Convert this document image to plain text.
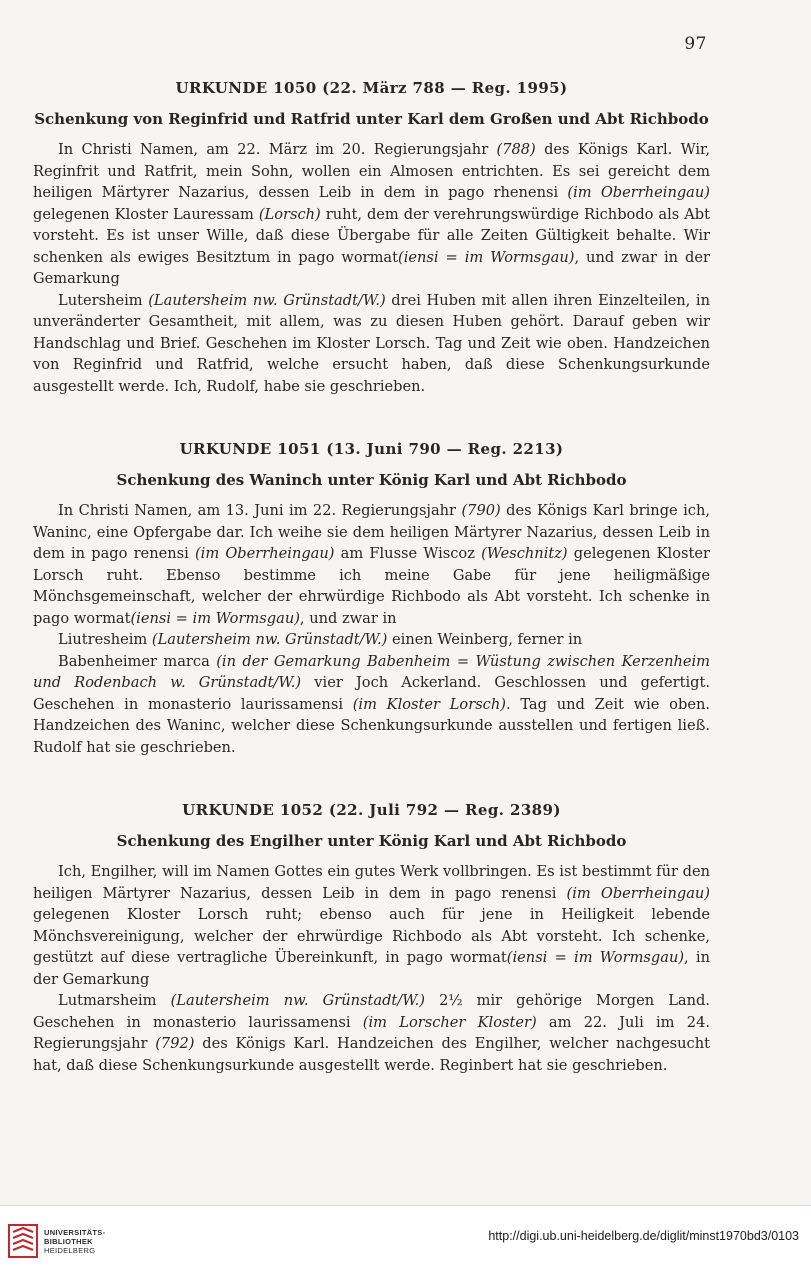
97
URKUNDE 1050 (22. März 788 — Reg. 1995)
Schenkung von Reginfrid und Ratfrid unter Karl dem Großen und Abt Richbodo

In Christi Namen, am 22. März im 20. Regierungsjahr (788) des Königs Karl. Wir, Reginfrit und Ratfrit, mein Sohn, wollen ein Almosen entrichten. Es sei gereicht dem heiligen Märtyrer Nazarius, dessen Leib in dem in pago rhenensi (im Oberrheingau) gelegenen Kloster Lauressam (Lorsch) ruht, dem der verehrungswürdige Richbodo als Abt vorsteht. Es ist unser Wille, daß diese Übergabe für alle Zeiten Gültigkeit behalte. Wir schenken als ewiges Besitztum in pago wormat(iensi = im Wormsgau), und zwar in der Gemarkung

Lutersheim (Lautersheim nw. Grünstadt/W.) drei Huben mit allen ihren Einzelteilen, in unveränderter Gesamtheit, mit allem, was zu diesen Huben gehört. Darauf geben wir Handschlag und Brief. Geschehen im Kloster Lorsch. Tag und Zeit wie oben. Handzeichen von Reginfrid und Ratfrid, welche ersucht haben, daß diese Schenkungsurkunde ausgestellt werde. Ich, Rudolf, habe sie geschrieben.

URKUNDE 1051 (13. Juni 790 — Reg. 2213)
Schenkung des Waninch unter König Karl und Abt Richbodo

In Christi Namen, am 13. Juni im 22. Regierungsjahr (790) des Königs Karl bringe ich, Waninc, eine Opfergabe dar. Ich weihe sie dem heiligen Märtyrer Nazarius, dessen Leib in dem in pago renensi (im Oberrheingau) am Flusse Wiscoz (Weschnitz) gelegenen Kloster Lorsch ruht. Ebenso bestimme ich meine Gabe für jene heiligmäßige Mönchsgemeinschaft, welcher der ehrwürdige Richbodo als Abt vorsteht. Ich schenke in pago wormat(iensi = im Wormsgau), und zwar in

Liutresheim (Lautersheim nw. Grünstadt/W.) einen Weinberg, ferner in

Babenheimer marca (in der Gemarkung Babenheim = Wüstung zwischen Kerzenheim und Rodenbach w. Grünstadt/W.) vier Joch Ackerland. Geschlossen und gefertigt. Geschehen in monasterio laurissamensi (im Kloster Lorsch). Tag und Zeit wie oben. Handzeichen des Waninc, welcher diese Schenkungsurkunde ausstellen und fertigen ließ. Rudolf hat sie geschrieben.

URKUNDE 1052 (22. Juli 792 — Reg. 2389)
Schenkung des Engilher unter König Karl und Abt Richbodo

Ich, Engilher, will im Namen Gottes ein gutes Werk vollbringen. Es ist bestimmt für den heiligen Märtyrer Nazarius, dessen Leib in dem in pago renensi (im Oberrheingau) gelegenen Kloster Lorsch ruht; ebenso auch für jene in Heiligkeit lebende Mönchsvereinigung, welcher der ehrwürdige Richbodo als Abt vorsteht. Ich schenke, gestützt auf diese vertragliche Übereinkunft, in pago wormat(iensi = im Wormsgau), in der Gemarkung

Lutmarsheim (Lautersheim nw. Grünstadt/W.) 2½ mir gehörige Morgen Land. Geschehen in monasterio laurissamensi (im Lorscher Kloster) am 22. Juli im 24. Regierungsjahr (792) des Königs Karl. Handzeichen des Engilher, welcher nachgesucht hat, daß diese Schenkungsurkunde ausgestellt werde. Reginbert hat sie geschrieben.

UNIVERSITÄTS-
BIBLIOTHEK
HEIDELBERG
http://digi.ub.uni-heidelberg.de/diglit/minst1970bd3/0103
